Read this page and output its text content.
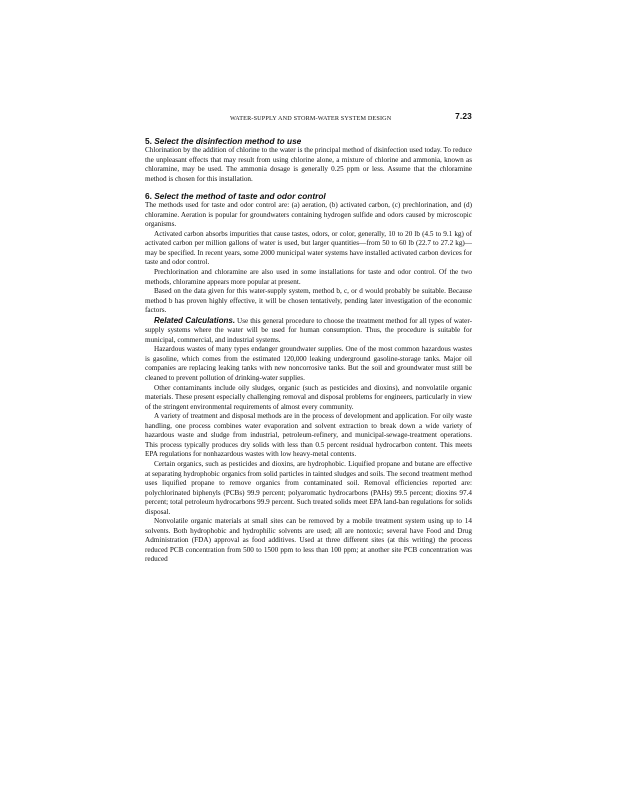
WATER-SUPPLY AND STORM-WATER SYSTEM DESIGN	7.23
5. Select the disinfection method to use

Chlorination by the addition of chlorine to the water is the principal method of disinfection used today. To reduce the unpleasant effects that may result from using chlorine alone, a mixture of chlorine and ammonia, known as chloramine, may be used. The ammonia dosage is generally 0.25 ppm or less. Assume that the chloramine method is chosen for this installation.

6. Select the method of taste and odor control

The methods used for taste and odor control are: (a) aeration, (b) activated carbon, (c) prechlorination, and (d) chloramine. Aeration is popular for groundwaters containing hydrogen sulfide and odors caused by microscopic organisms.

Activated carbon absorbs impurities that cause tastes, odors, or color, generally, 10 to 20 lb (4.5 to 9.1 kg) of activated carbon per million gallons of water is used, but larger quantities—from 50 to 60 lb (22.7 to 27.2 kg)—may be specified. In recent years, some 2000 municipal water systems have installed activated carbon devices for taste and odor control.

Prechlorination and chloramine are also used in some installations for taste and odor control. Of the two methods, chloramine appears more popular at present.

Based on the data given for this water-supply system, method b, c, or d would probably be suitable. Because method b has proven highly effective, it will be chosen tentatively, pending later investigation of the economic factors.

Related Calculations. Use this general procedure to choose the treatment method for all types of water-supply systems where the water will be used for human consumption. Thus, the procedure is suitable for municipal, commercial, and industrial systems.

Hazardous wastes of many types endanger groundwater supplies. One of the most common hazardous wastes is gasoline, which comes from the estimated 120,000 leaking underground gasoline-storage tanks. Major oil companies are replacing leaking tanks with new noncorrosive tanks. But the soil and groundwater must still be cleaned to prevent pollution of drinking-water supplies.

Other contaminants include oily sludges, organic (such as pesticides and dioxins), and nonvolatile organic materials. These present especially challenging removal and disposal problems for engineers, particularly in view of the stringent environmental requirements of almost every community.

A variety of treatment and disposal methods are in the process of development and application. For oily waste handling, one process combines water evaporation and solvent extraction to break down a wide variety of hazardous waste and sludge from industrial, petroleum-refinery, and municipal-sewage-treatment operations. This process typically produces dry solids with less than 0.5 percent residual hydrocarbon content. This meets EPA regulations for nonhazardous wastes with low heavy-metal contents.

Certain organics, such as pesticides and dioxins, are hydrophobic. Liquified propane and butane are effective at separating hydrophobic organics from solid particles in tainted sludges and soils. The second treatment method uses liquified propane to remove organics from contaminated soil. Removal efficiencies reported are: polychlorinated biphenyls (PCBs) 99.9 percent; polyaromatic hydrocarbons (PAHs) 99.5 percent; dioxins 97.4 percent; total petroleum hydrocarbons 99.9 percent. Such treated solids meet EPA land-ban regulations for solids disposal.

Nonvolatile organic materials at small sites can be removed by a mobile treatment system using up to 14 solvents. Both hydrophobic and hydrophilic solvents are used; all are nontoxic; several have Food and Drug Administration (FDA) approval as food additives. Used at three different sites (at this writing) the process reduced PCB concentration from 500 to 1500 ppm to less than 100 ppm; at another site PCB concentration was reduced
